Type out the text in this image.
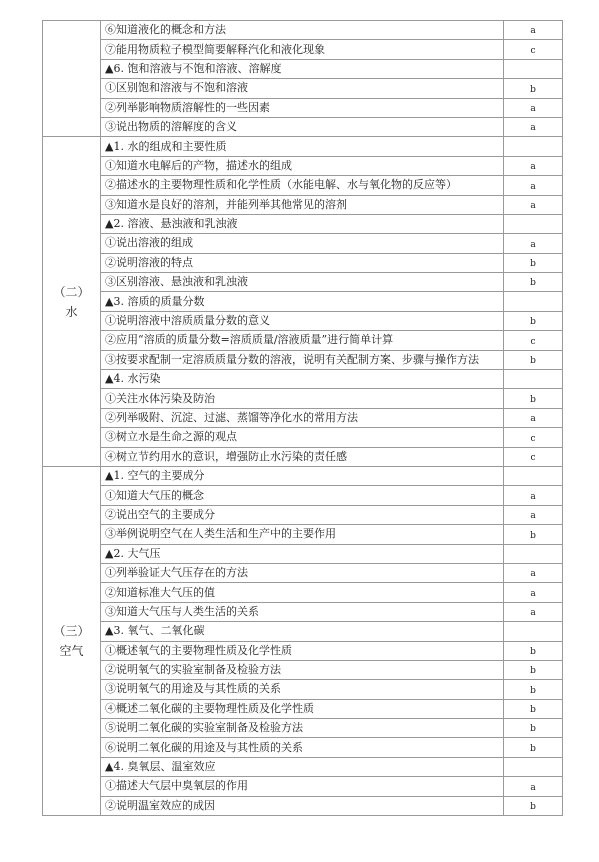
	⑥知道液化的概念和方法	a
	⑦能用物质粒子模型简要解释汽化和液化现象	c
	▲6. 饱和溶液与不饱和溶液、溶解度	
	①区别饱和溶液与不饱和溶液	b
	②列举影响物质溶解性的一些因素	a
	③说出物质的溶解度的含义	a

（二）
水	▲1. 水的组成和主要性质	
	①知道水电解后的产物，描述水的组成	a
	②描述水的主要物理性质和化学性质（水能电解、水与氧化物的反应等）	a
	③知道水是良好的溶剂，并能列举其他常见的溶剂	a
	▲2. 溶液、悬浊液和乳浊液	
	①说出溶液的组成	a
	②说明溶液的特点	b
	③区别溶液、悬浊液和乳浊液	b
	▲3. 溶质的质量分数	
	①说明溶液中溶质质量分数的意义	b
	②应用“溶质的质量分数=溶质质量/溶液质量”进行简单计算	c

	③按要求配制一定溶质质量分数的溶液，说明有关配制方案、步骤与操作方法	b
	▲4. 水污染	
	①关注水体污染及防治	b
	②列举吸附、沉淀、过滤、蒸馏等净化水的常用方法	a
	③树立水是生命之源的观点	c
	④树立节约用水的意识，增强防止水污染的责任感	c

（三）
空气	▲1. 空气的主要成分	
	①知道大气压的概念	a
	②说出空气的主要成分	a
	③举例说明空气在人类生活和生产中的主要作用	b
	▲2. 大气压	
	①列举验证大气压存在的方法	a
	②知道标准大气压的值	a
	③知道大气压与人类生活的关系	a
	▲3. 氧气、二氧化碳	
	①概述氧气的主要物理性质及化学性质	b
	②说明氧气的实验室制备及检验方法	b
	③说明氧气的用途及与其性质的关系	b
	④概述二氧化碳的主要物理性质及化学性质	b
	⑤说明二氧化碳的实验室制备及检验方法	b
	⑥说明二氧化碳的用途及与其性质的关系	b
	▲4. 臭氧层、温室效应	
	①描述大气层中臭氧层的作用	a
	②说明温室效应的成因	b
